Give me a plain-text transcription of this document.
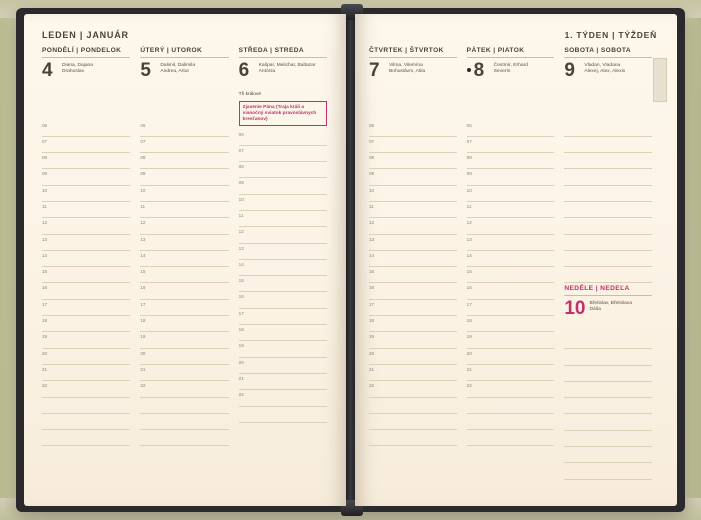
LEDEN | JANUÁR
PONDĚLÍ | PONDELOK
4	Diana, Dajana
Drahoslav
06
07
08
09
10
11
12
13
14
15
16
17
18
19
20
21
22
ÚTERÝ | UTOROK
5	Dalimil, Dalimila
Andrea, Artur
06
07
08
09
10
11
12
13
14
15
16
17
18
19
20
21
22
STŘEDA | STREDA
6	Kašpar, Melichar, Baltazar
Antónia
Tři králové
Zjavenie Pána (Traja králi a vianočný sviatok pravoslávnych kresťanov)
06
07
08
09
10
11
12
13
14
15
16
17
18
19
20
21
22
1. TÝDEN | TÝŽDEŇ
ČTVRTEK | ŠTVRTOK
7	Vilma, Vilemína
Bohuslávm, Atila
06
07
08
09
10
11
12
13
14
15
16
17
18
19
20
21
22
PÁTEK | PIATOK
8	Čestmír, Erhard
Severín
06
07
08
09
10
11
12
13
14
15
16
17
18
19
20
21
22
SOBOTA | SOBOTA
9	Vladan, Vladana
Alexej, Alex, Alexis
NEDĚLE | NEDEĽA
10 Břetislav, Břetislava
Dáša
